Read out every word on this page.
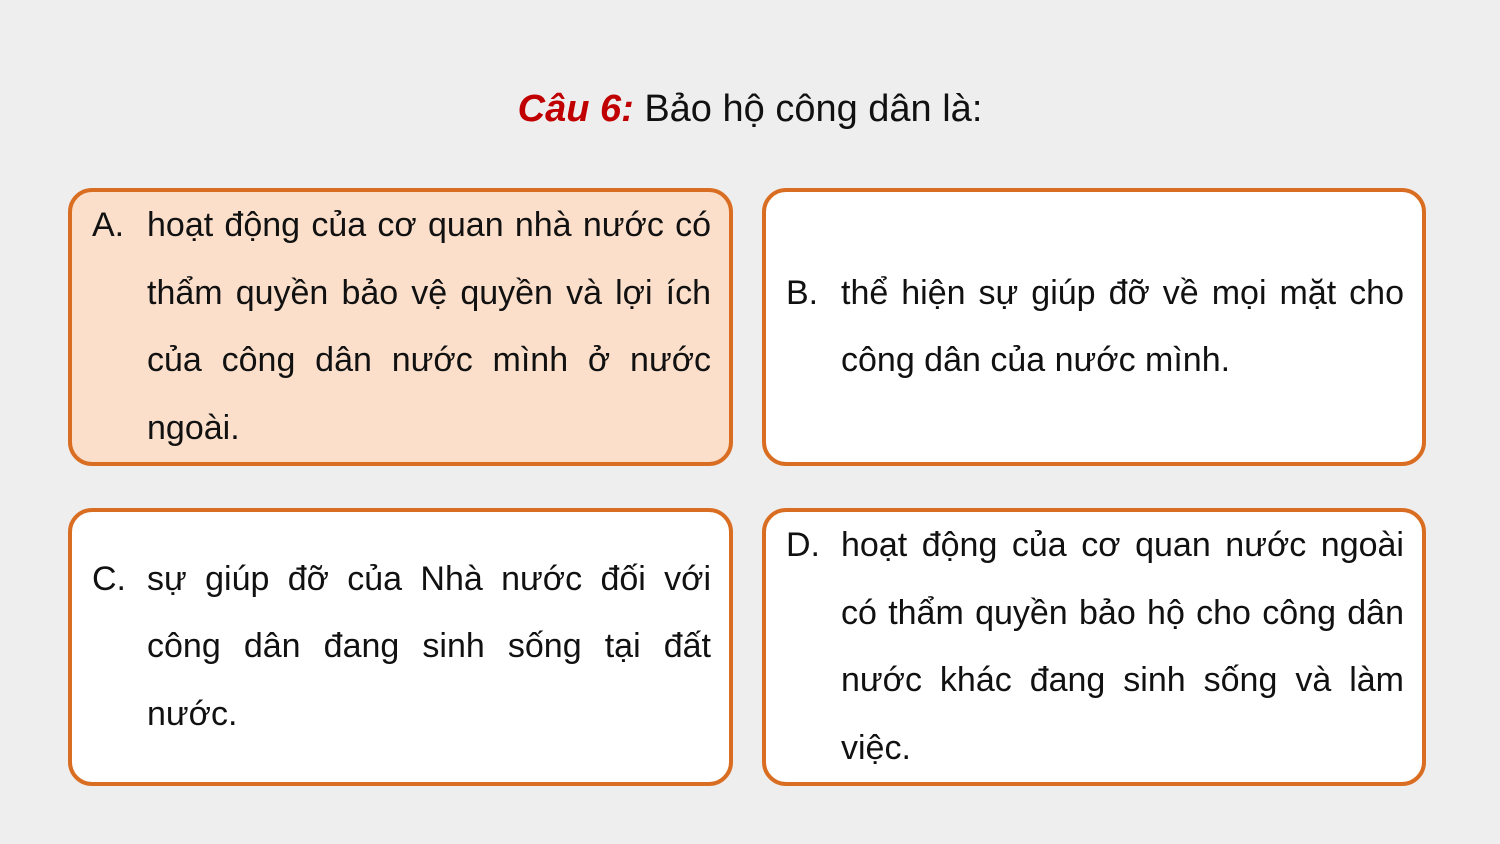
Câu 6: Bảo hộ công dân là:
A. hoạt động của cơ quan nhà nước có thẩm quyền bảo vệ quyền và lợi ích của công dân nước mình ở nước ngoài.
B. thể hiện sự giúp đỡ về mọi mặt cho công dân của nước mình.
C. sự giúp đỡ của Nhà nước đối với công dân đang sinh sống tại đất nước.
D. hoạt động của cơ quan nước ngoài có thẩm quyền bảo hộ cho công dân nước khác đang sinh sống và làm việc.
